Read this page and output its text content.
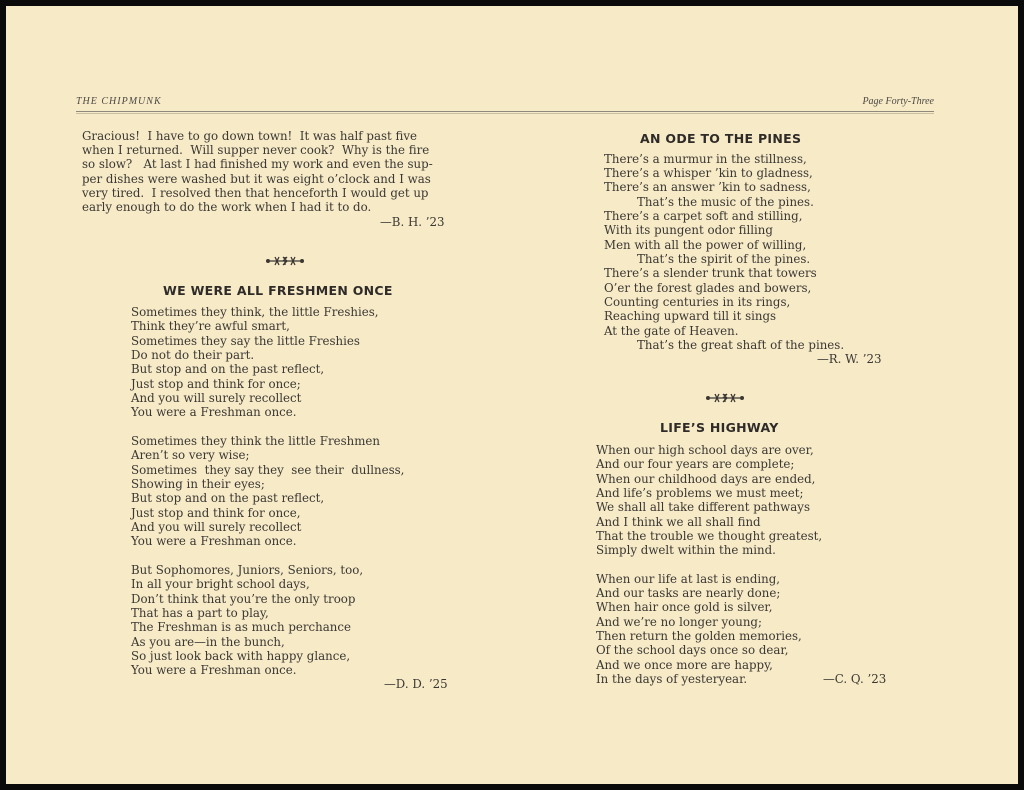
THE CHIPMUNK	Page Forty-Three
Gracious!  I have to go down town!  It was half past five
when I returned.  Will supper never cook?  Why is the fire
so slow?   At last I had finished my work and even the sup-
per dishes were washed but it was eight o’clock and I was
very tired.  I resolved then that henceforth I would get up
early enough to do the work when I had it to do.
—B. H. ’23
WE WERE ALL FRESHMEN ONCE
Sometimes they think, the little Freshies,
Think they’re awful smart,
Sometimes they say the little Freshies
Do not do their part.
But stop and on the past reflect,
Just stop and think for once;
And you will surely recollect
You were a Freshman once.
Sometimes they think the little Freshmen
Aren’t so very wise;
Sometimes  they say they  see their  dullness,
Showing in their eyes;
But stop and on the past reflect,
Just stop and think for once,
And you will surely recollect
You were a Freshman once.
But Sophomores, Juniors, Seniors, too,
In all your bright school days,
Don’t think that you’re the only troop
That has a part to play,
The Freshman is as much perchance
As you are—in the bunch,
So just look back with happy glance,
You were a Freshman once.
—D. D. ’25
AN ODE TO THE PINES
There’s a murmur in the stillness,
There’s a whisper ’kin to gladness,
There’s an answer ’kin to sadness,
That’s the music of the pines.
There’s a carpet soft and stilling,
With its pungent odor filling
Men with all the power of willing,
That’s the spirit of the pines.
There’s a slender trunk that towers
O’er the forest glades and bowers,
Counting centuries in its rings,
Reaching upward till it sings
At the gate of Heaven.
That’s the great shaft of the pines.
—R. W. ’23
LIFE’S HIGHWAY
When our high school days are over,
And our four years are complete;
When our childhood days are ended,
And life’s problems we must meet;
We shall all take different pathways
And I think we all shall find
That the trouble we thought greatest,
Simply dwelt within the mind.
When our life at last is ending,
And our tasks are nearly done;
When hair once gold is silver,
And we’re no longer young;
Then return the golden memories,
Of the school days once so dear,
And we once more are happy,
In the days of yesteryear.	—C. Q. ’23
